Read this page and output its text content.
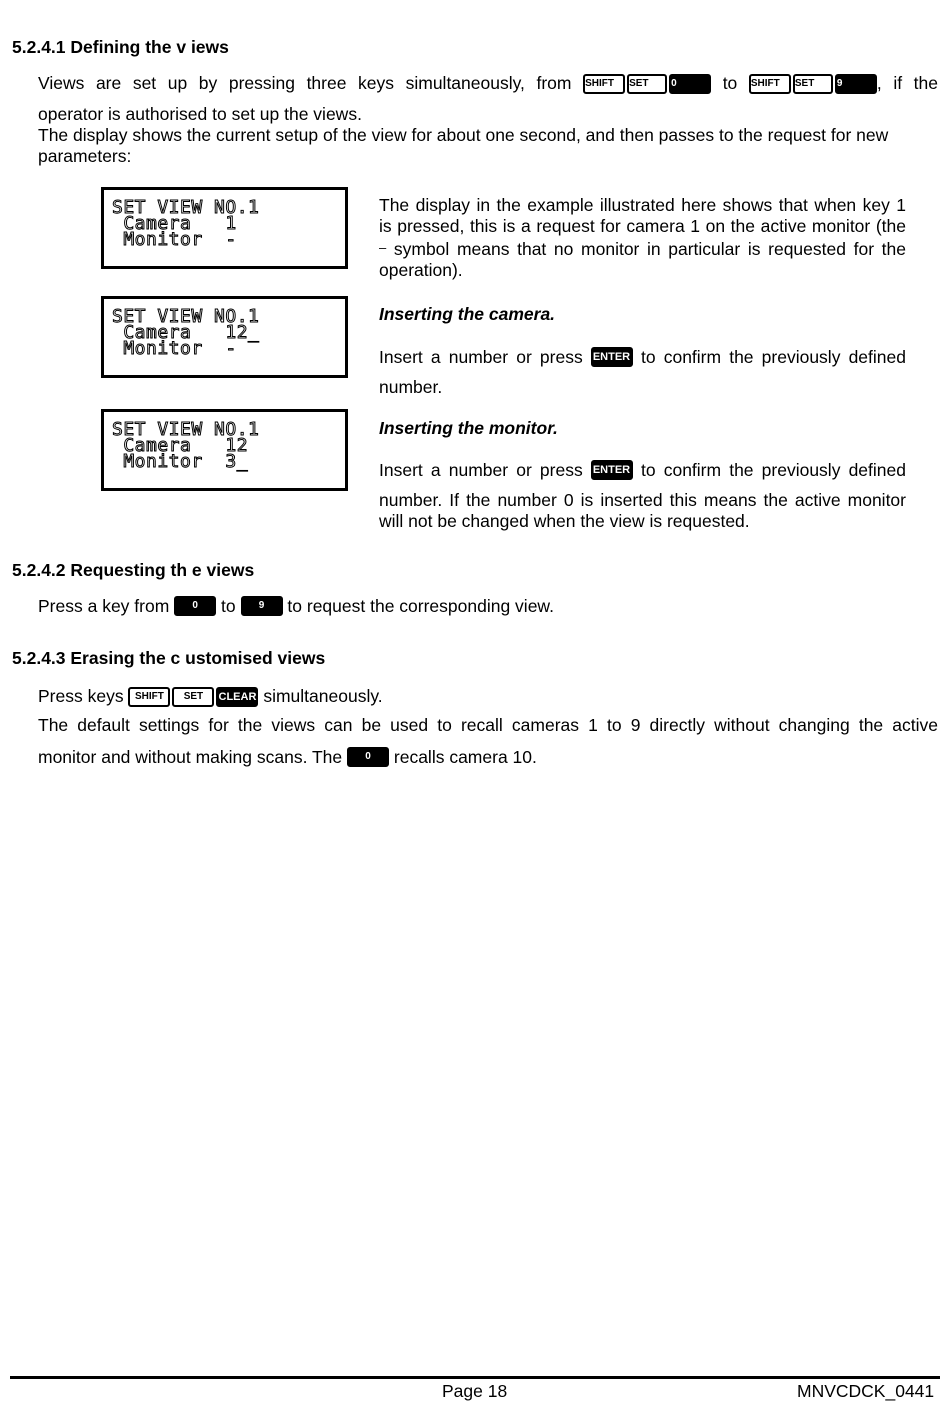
5.2.4.1 Defining the v iews
Views are set up by pressing three keys simultaneously, from SHIFT SET 0	to SHIFT SET 9 , if the
operator is authorised to set up the views.
The display shows the current setup of the view for about one second, and then passes to the request for new parameters:
SET VIEW NO.1
Camera   1
Monitor  -
SET VIEW NO.1
Camera   12_
Monitor  -
SET VIEW NO.1
Camera   12
Monitor  3_
The display in the example illustrated here shows that when key 1 is pressed, this is a request for camera 1 on the active monitor (the – symbol means that no monitor in particular is requested for the operation).
Inserting the camera.
Insert a number or press ENTER to confirm the previously defined
number.
Inserting the monitor.
Insert a number or press ENTER to confirm the previously defined
number. If the number 0 is inserted this means the active monitor will not be changed when the view is requested.
5.2.4.2 Requesting th e views
Press a key from 0 to 9 to request the corresponding view.
5.2.4.3 Erasing the c ustomised views
Press keys SHIFT SET CLEAR simultaneously.
The default settings for the views can be used to recall cameras 1 to 9 directly without changing the active
monitor and without making scans. The 0 recalls camera 10.
Page 18	MNVCDCK_0441
